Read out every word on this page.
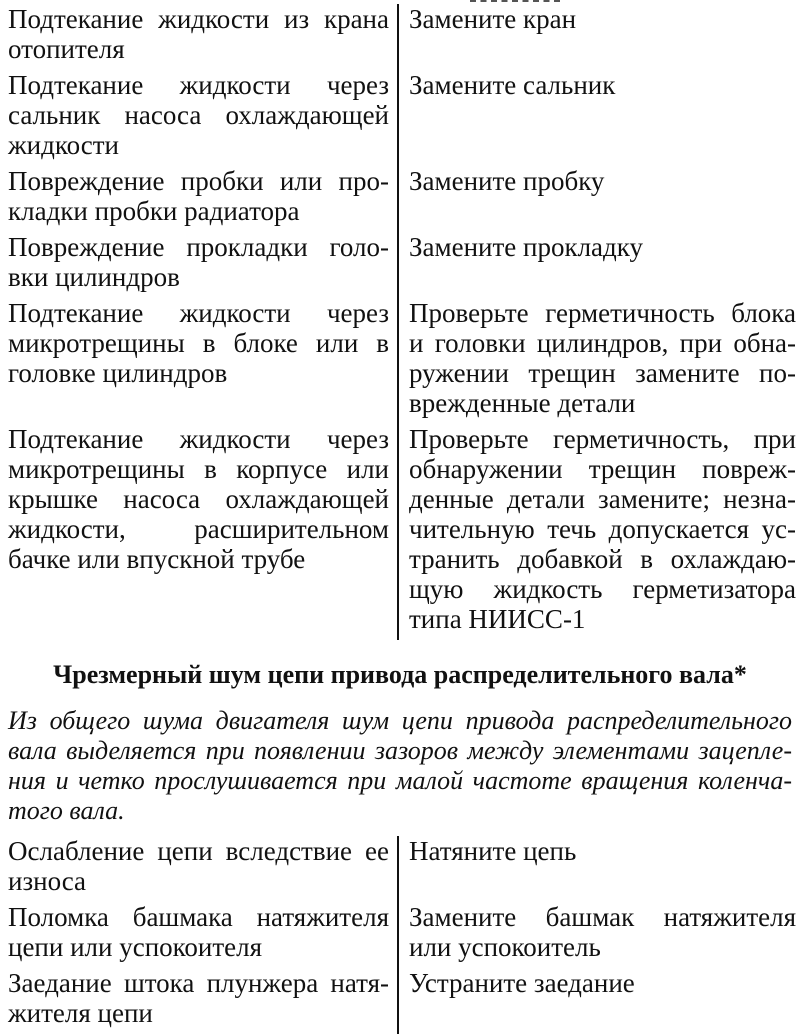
Подтекание жидкости из крана отопителя	Замените кран
Подтекание жидкости через сальник насоса охлаждающей жидкости	Замените сальник
Повреждение пробки или прокладки пробки радиатора	Замените пробку
Повреждение прокладки головки цилиндров	Замените прокладку
Подтекание жидкости через микротрещины в блоке или в головке цилиндров	Проверьте герметичность блока и головки цилиндров, при обнаружении трещин замените поврежденные детали
Подтекание жидкости через микротрещины в корпусе или крышке насоса охлаждающей жидкости, расширительном бачке или впускной трубе	Проверьте герметичность, при обнаружении трещин поврежденные детали замените; незначительную течь допускается устранить добавкой в охлаждающую жидкость герметизатора типа НИИСС-1
Чрезмерный шум цепи привода распределительного вала*
Из общего шума двигателя шум цепи привода распределительного вала выделяется при появлении зазоров между элементами зацепления и четко прослушивается при малой частоте вращения коленчатого вала.
Ослабление цепи вследствие ее износа	Натяните цепь
Поломка башмака натяжителя цепи или успокоителя	Замените башмак натяжителя или успокоитель
Заедание штока плунжера натяжителя цепи	Устраните заедание
